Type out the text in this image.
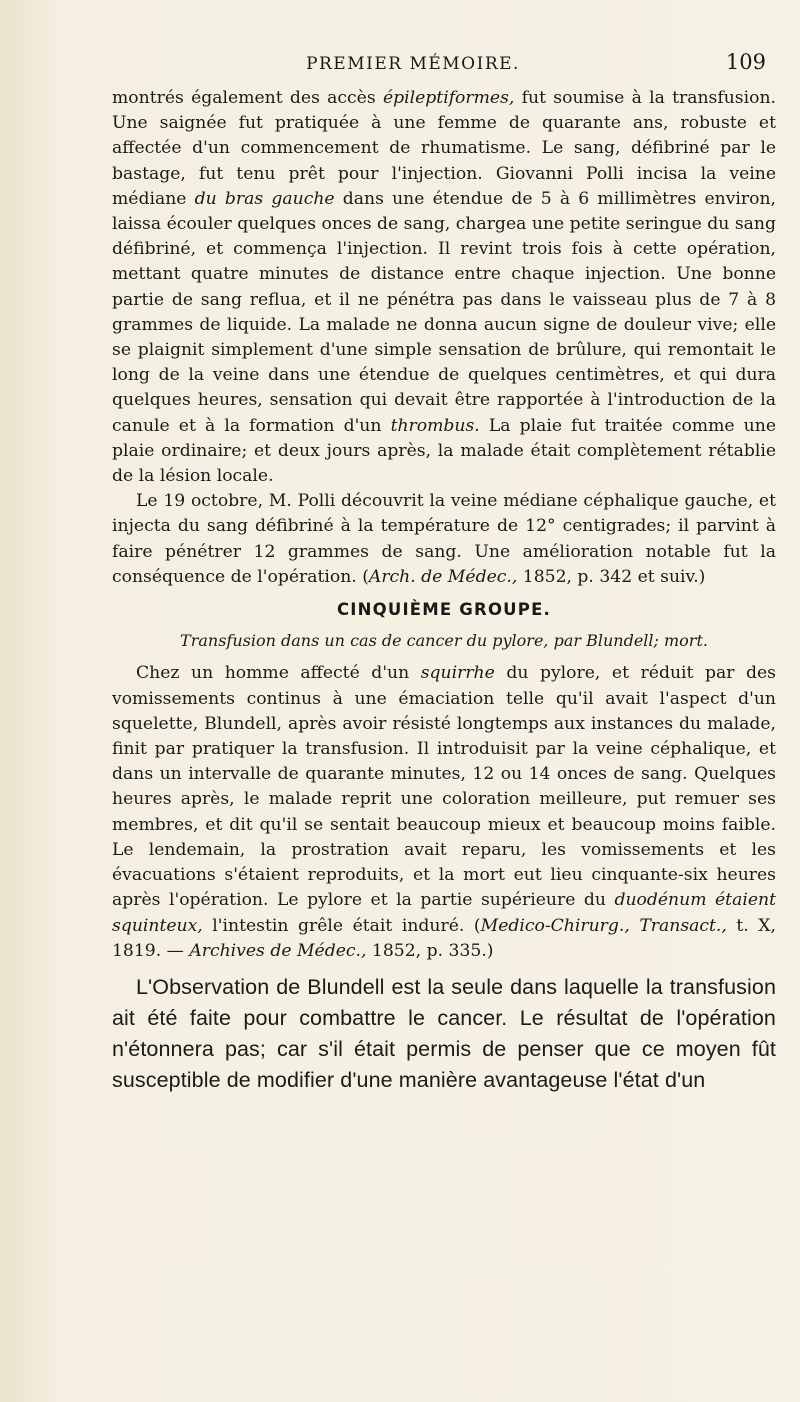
PREMIER MÉMOIRE.	109

montrés également des accès épileptiformes, fut soumise à la transfusion. Une saignée fut pratiquée à une femme de quarante ans, robuste et affectée d'un commencement de rhumatisme. Le sang, défibriné par le bastage, fut tenu prêt pour l'injection. Giovanni Polli incisa la veine médiane du bras gauche dans une étendue de 5 à 6 millimètres environ, laissa écouler quelques onces de sang, chargea une petite seringue du sang défibriné, et commença l'injection. Il revint trois fois à cette opération, mettant quatre minutes de distance entre chaque injection. Une bonne partie de sang reflua, et il ne pénétra pas dans le vaisseau plus de 7 à 8 grammes de liquide. La malade ne donna aucun signe de douleur vive; elle se plaignit simplement d'une simple sensation de brûlure, qui remontait le long de la veine dans une étendue de quelques centimètres, et qui dura quelques heures, sensation qui devait être rapportée à l'introduction de la canule et à la formation d'un thrombus. La plaie fut traitée comme une plaie ordinaire; et deux jours après, la malade était complètement rétablie de la lésion locale.

Le 19 octobre, M. Polli découvrit la veine médiane céphalique gauche, et injecta du sang défibriné à la température de 12° centigrades; il parvint à faire pénétrer 12 grammes de sang. Une amélioration notable fut la conséquence de l'opération. (Arch. de Médec., 1852, p. 342 et suiv.)

CINQUIÈME GROUPE.
Transfusion dans un cas de cancer du pylore, par Blundell; mort.

Chez un homme affecté d'un squirrhe du pylore, et réduit par des vomissements continus à une émaciation telle qu'il avait l'aspect d'un squelette, Blundell, après avoir résisté longtemps aux instances du malade, finit par pratiquer la transfusion. Il introduisit par la veine céphalique, et dans un intervalle de quarante minutes, 12 ou 14 onces de sang. Quelques heures après, le malade reprit une coloration meilleure, put remuer ses membres, et dit qu'il se sentait beaucoup mieux et beaucoup moins faible. Le lendemain, la prostration avait reparu, les vomissements et les évacuations s'étaient reproduits, et la mort eut lieu cinquante-six heures après l'opération. Le pylore et la partie supérieure du duodénum étaient squinteux, l'intestin grêle était induré. (Medico-Chirurg., Transact., t. X, 1819. — Archives de Médec., 1852, p. 335.)

L'Observation de Blundell est la seule dans laquelle la transfusion ait été faite pour combattre le cancer. Le résultat de l'opération n'étonnera pas; car s'il était permis de penser que ce moyen fût susceptible de modifier d'une manière avantageuse l'état d'un
